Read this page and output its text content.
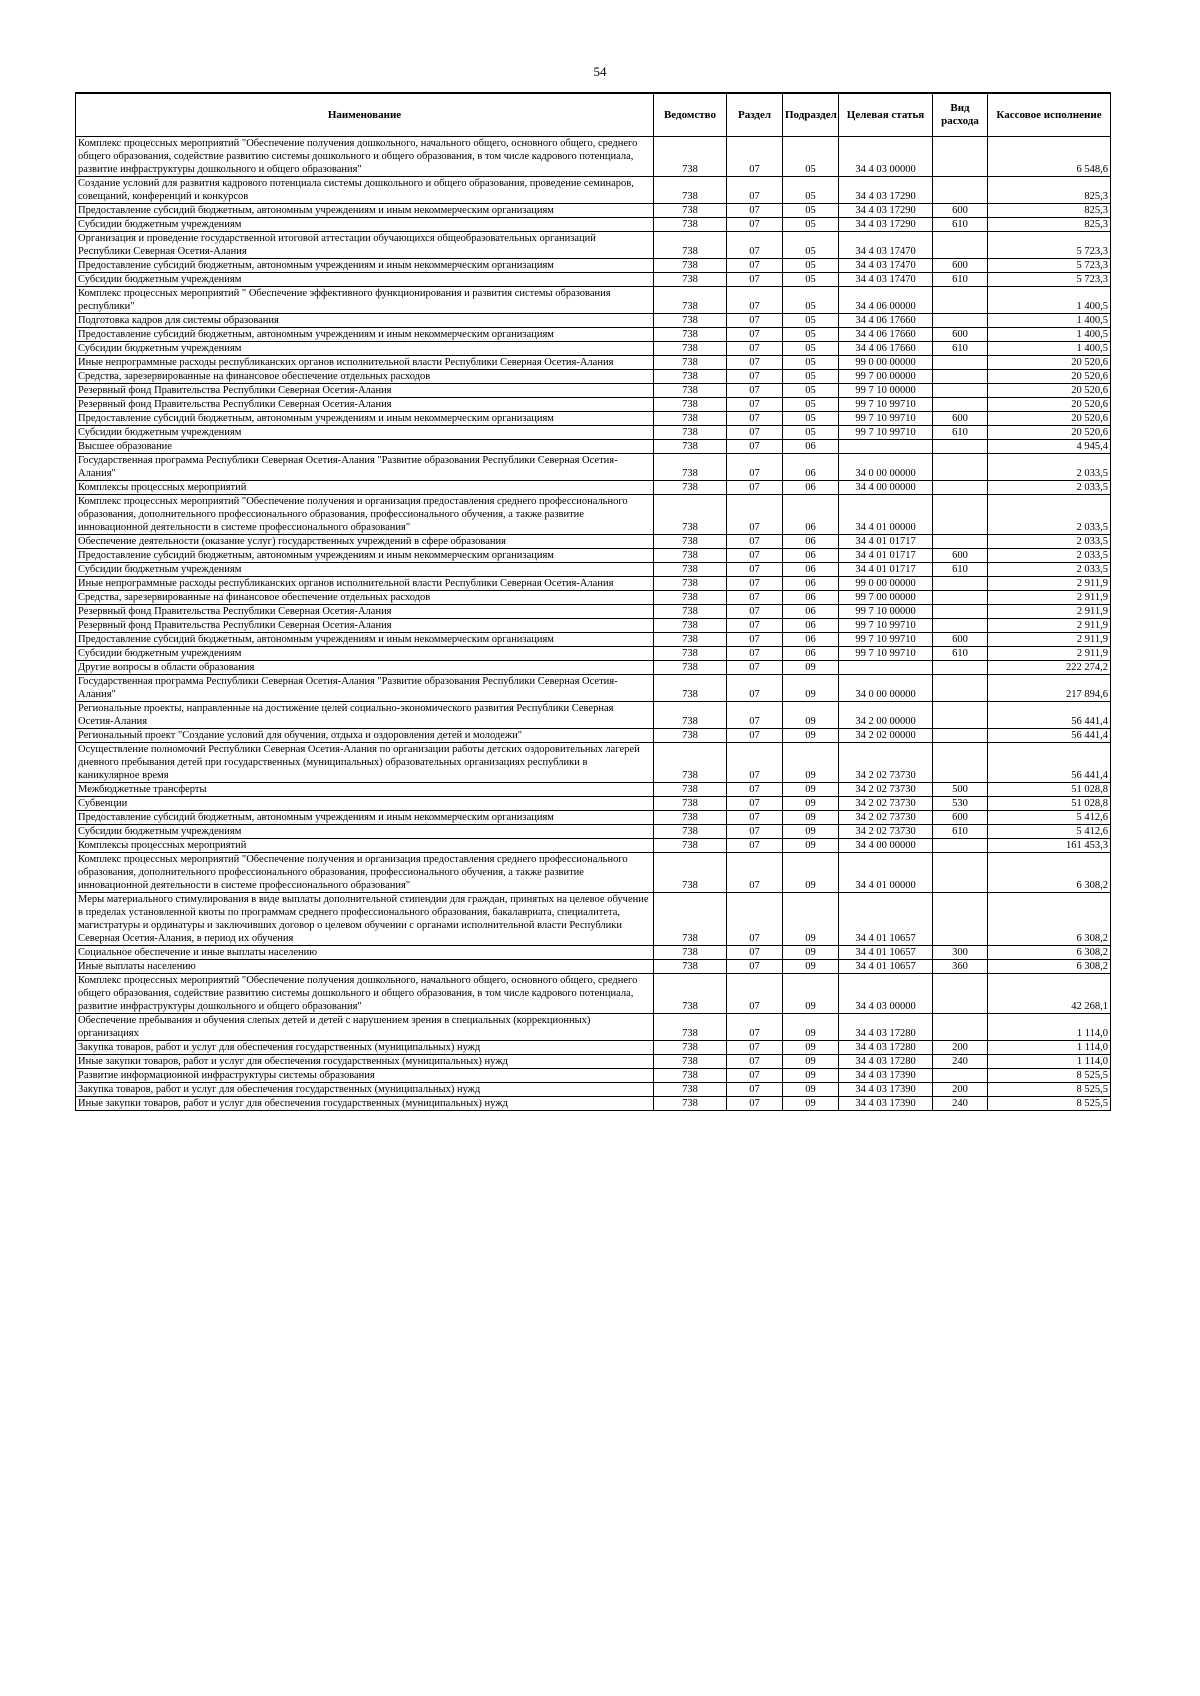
54
Наименование	Ведомство	Раздел	Подраздел	Целевая статья	Вид расхода	Кассовое исполнение
Комплекс процессных мероприятий "Обеспечение получения дошкольного, начального общего, основного общего, среднего общего образования, содействие развитию системы дошкольного и общего образования, в том числе кадрового потенциала, развитие инфраструктуры дошкольного и общего образования"	738	07	05	34 4 03 00000		6 548,6
Создание условий для развития кадрового потенциала системы дошкольного и общего образования, проведение семинаров, совещаний, конференций и конкурсов	738	07	05	34 4 03 17290		825,3
Предоставление субсидий бюджетным, автономным учреждениям и иным некоммерческим организациям	738	07	05	34 4 03 17290	600	825,3
Субсидии бюджетным учреждениям	738	07	05	34 4 03 17290	610	825,3
Организация и проведение государственной итоговой аттестации обучающихся общеобразовательных организаций Республики Северная Осетия-Алания	738	07	05	34 4 03 17470		5 723,3
Предоставление субсидий бюджетным, автономным учреждениям и иным некоммерческим организациям	738	07	05	34 4 03 17470	600	5 723,3
Субсидии бюджетным учреждениям	738	07	05	34 4 03 17470	610	5 723,3
Комплекс процессных мероприятий " Обеспечение эффективного функционирования и развития системы образования республики"	738	07	05	34 4 06 00000		1 400,5
Подготовка кадров для системы образования	738	07	05	34 4 06 17660		1 400,5
Предоставление субсидий бюджетным, автономным учреждениям и иным некоммерческим организациям	738	07	05	34 4 06 17660	600	1 400,5
Субсидии бюджетным учреждениям	738	07	05	34 4 06 17660	610	1 400,5
Иные непрограммные расходы республиканских органов исполнительной власти Республики Северная Осетия-Алания	738	07	05	99 0 00 00000		20 520,6
Средства, зарезервированные на финансовое обеспечение отдельных расходов	738	07	05	99 7 00 00000		20 520,6
Резервный фонд Правительства Республики Северная Осетия-Алания	738	07	05	99 7 10 00000		20 520,6
Резервный фонд Правительства Республики Северная Осетия-Алания	738	07	05	99 7 10 99710		20 520,6
Предоставление субсидий бюджетным, автономным учреждениям и иным некоммерческим организациям	738	07	05	99 7 10 99710	600	20 520,6
Субсидии бюджетным учреждениям	738	07	05	99 7 10 99710	610	20 520,6
Высшее образование	738	07	06			4 945,4
Государственная программа Республики Северная Осетия-Алания "Развитие образования Республики Северная Осетия-Алания"	738	07	06	34 0 00 00000		2 033,5
Комплексы процессных мероприятий	738	07	06	34 4 00 00000		2 033,5
Комплекс процессных мероприятий "Обеспечение получения и организация предоставления среднего профессионального образования, дополнительного профессионального образования, профессионального обучения, а также развитие инновационной деятельности в системе профессионального образования"	738	07	06	34 4 01 00000		2 033,5
Обеспечение деятельности (оказание услуг) государственных учреждений в сфере образования	738	07	06	34 4 01 01717		2 033,5
Предоставление субсидий бюджетным, автономным учреждениям и иным некоммерческим организациям	738	07	06	34 4 01 01717	600	2 033,5
Субсидии бюджетным учреждениям	738	07	06	34 4 01 01717	610	2 033,5
Иные непрограммные расходы республиканских органов исполнительной власти Республики Северная Осетия-Алания	738	07	06	99 0 00 00000		2 911,9
Средства, зарезервированные на финансовое обеспечение отдельных расходов	738	07	06	99 7 00 00000		2 911,9
Резервный фонд Правительства Республики Северная Осетия-Алания	738	07	06	99 7 10 00000		2 911,9
Резервный фонд Правительства Республики Северная Осетия-Алания	738	07	06	99 7 10 99710		2 911,9
Предоставление субсидий бюджетным, автономным учреждениям и иным некоммерческим организациям	738	07	06	99 7 10 99710	600	2 911,9
Субсидии бюджетным учреждениям	738	07	06	99 7 10 99710	610	2 911,9
Другие вопросы в области образования	738	07	09			222 274,2
Государственная программа Республики Северная Осетия-Алания "Развитие образования Республики Северная Осетия-Алания"	738	07	09	34 0 00 00000		217 894,6
Региональные проекты, направленные на достижение целей социально-экономического развития Республики Северная Осетия-Алания	738	07	09	34 2 00 00000		56 441,4
Региональный проект "Создание условий для обучения, отдыха и оздоровления детей и молодежи"	738	07	09	34 2 02 00000		56 441,4
Осуществление полномочий Республики Северная Осетия-Алания по организации работы детских оздоровительных лагерей дневного пребывания детей при государственных (муниципальных) образовательных организациях республики в каникулярное время	738	07	09	34 2 02 73730		56 441,4
Межбюджетные трансферты	738	07	09	34 2 02 73730	500	51 028,8
Субвенции	738	07	09	34 2 02 73730	530	51 028,8
Предоставление субсидий бюджетным, автономным учреждениям и иным некоммерческим организациям	738	07	09	34 2 02 73730	600	5 412,6
Субсидии бюджетным учреждениям	738	07	09	34 2 02 73730	610	5 412,6
Комплексы процессных мероприятий	738	07	09	34 4 00 00000		161 453,3
Комплекс процессных мероприятий "Обеспечение получения и организация предоставления среднего профессионального образования, дополнительного профессионального образования, профессионального обучения, а также развитие инновационной деятельности в системе профессионального образования"	738	07	09	34 4 01 00000		6 308,2
Меры материального стимулирования в виде выплаты дополнительной стипендии для граждан, принятых на целевое обучение в пределах установленной квоты по программам среднего профессионального образования, бакалавриата, специалитета, магистратуры и ординатуры и заключивших договор о целевом обучении с органами исполнительной власти Республики Северная Осетия-Алания, в период их обучения	738	07	09	34 4 01 10657		6 308,2
Социальное обеспечение и иные выплаты населению	738	07	09	34 4 01 10657	300	6 308,2
Иные выплаты населению	738	07	09	34 4 01 10657	360	6 308,2
Комплекс процессных мероприятий "Обеспечение получения дошкольного, начального общего, основного общего, среднего общего образования, содействие развитию системы дошкольного и общего образования, в том числе кадрового потенциала, развитие инфраструктуры дошкольного и общего образования"	738	07	09	34 4 03 00000		42 268,1
Обеспечение пребывания и обучения слепых детей и детей с нарушением зрения в специальных (коррекционных) организациях	738	07	09	34 4 03 17280		1 114,0
Закупка товаров, работ и услуг для обеспечения государственных (муниципальных) нужд	738	07	09	34 4 03 17280	200	1 114,0
Иные закупки товаров, работ и услуг для обеспечения государственных (муниципальных) нужд	738	07	09	34 4 03 17280	240	1 114,0
Развитие информационной инфраструктуры системы образования	738	07	09	34 4 03 17390		8 525,5
Закупка товаров, работ и услуг для обеспечения государственных (муниципальных) нужд	738	07	09	34 4 03 17390	200	8 525,5
Иные закупки товаров, работ и услуг для обеспечения государственных (муниципальных) нужд	738	07	09	34 4 03 17390	240	8 525,5
